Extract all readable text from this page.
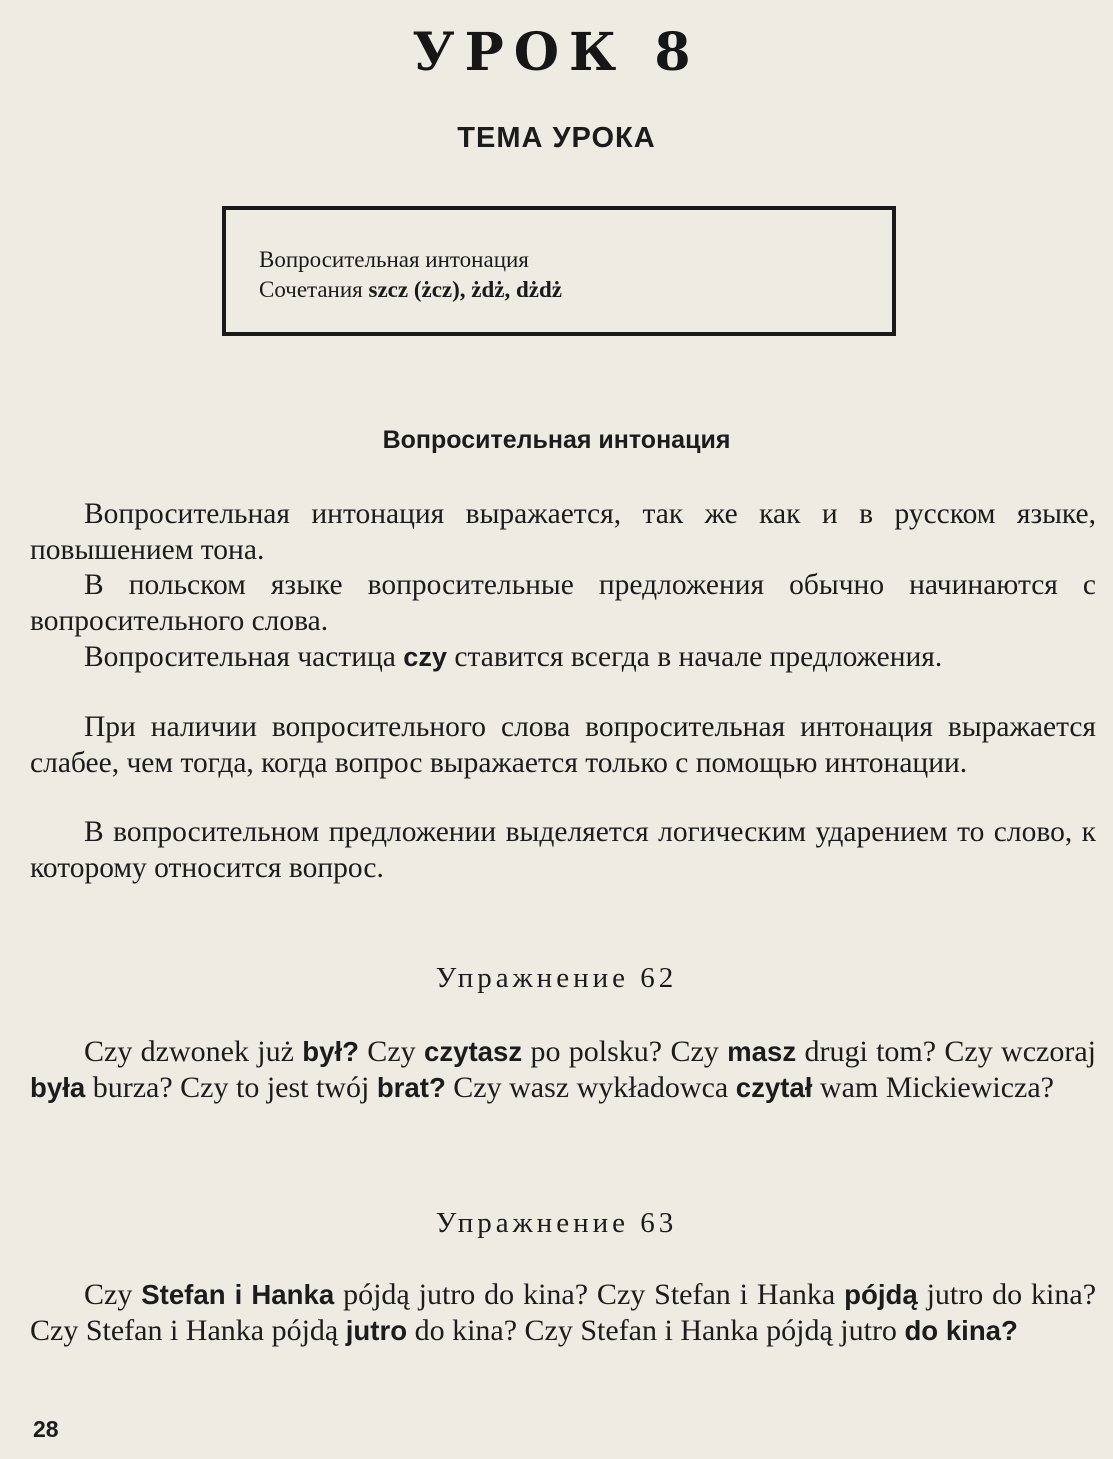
УРОК 8
ТЕМА УРОКА
Вопросительная интонация
Сочетания szcz (żcz), żdż, dżdż
Вопросительная интонация

Вопросительная интонация выражается, так же как и в русском языке, повышением тона.

В польском языке вопросительные предложения обычно начинаются с вопросительного слова.

Вопросительная частица czy ставится всегда в начале предложения.

При наличии вопросительного слова вопросительная интонация выражается слабее, чем тогда, когда вопрос выражается только с помощью интонации.

В вопросительном предложении выделяется логическим ударением то слово, к которому относится вопрос.

Упражнение 62

Czy dzwonek już był? Czy czytasz po polsku? Czy masz drugi tom? Czy wczoraj była burza? Czy to jest twój brat? Czy wasz wykładowca czytał wam Mickiewicza?

Упражнение 63

Czy Stefan i Hanka pójdą jutro do kina? Czy Stefan i Hanka pójdą jutro do kina? Czy Stefan i Hanka pójdą jutro do kina? Czy Stefan i Hanka pójdą jutro do kina?

28
